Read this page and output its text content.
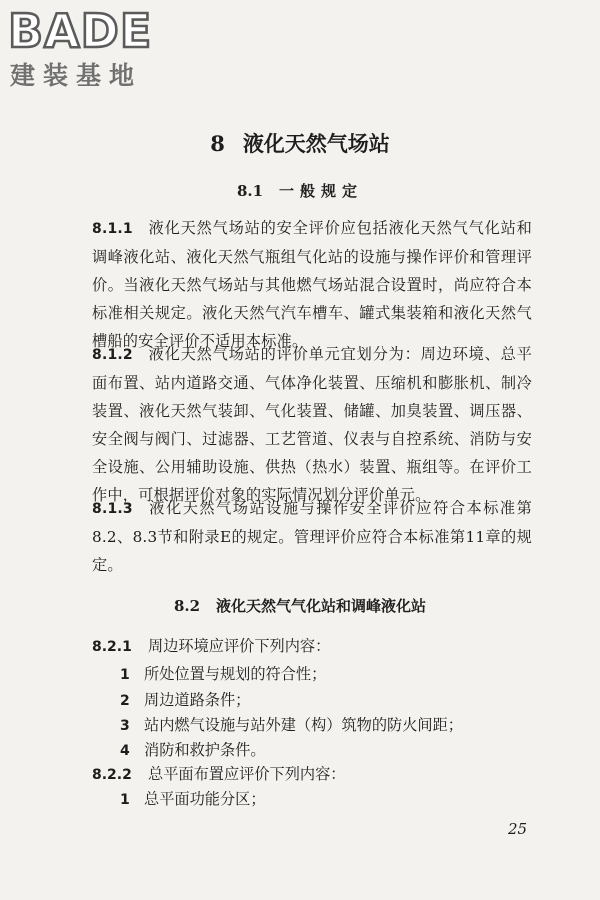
BADE
建装基地
8 液化天然气场站
8.1 一般规定
8.1.1 液化天然气场站的安全评价应包括液化天然气气化站和调峰液化站、液化天然气瓶组气化站的设施与操作评价和管理评价。当液化天然气场站与其他燃气场站混合设置时，尚应符合本标准相关规定。液化天然气汽车槽车、罐式集装箱和液化天然气槽船的安全评价不适用本标准。
8.1.2 液化天然气场站的评价单元宜划分为：周边环境、总平面布置、站内道路交通、气体净化装置、压缩机和膨胀机、制冷装置、液化天然气装卸、气化装置、储罐、加臭装置、调压器、安全阀与阀门、过滤器、工艺管道、仪表与自控系统、消防与安全设施、公用辅助设施、供热（热水）装置、瓶组等。在评价工作中，可根据评价对象的实际情况划分评价单元。
8.1.3 液化天然气场站设施与操作安全评价应符合本标准第8.2、8.3节和附录E的规定。管理评价应符合本标准第11章的规定。
8.2 液化天然气气化站和调峰液化站
8.2.1 周边环境应评价下列内容：
1 所处位置与规划的符合性；
2 周边道路条件；
3 站内燃气设施与站外建（构）筑物的防火间距；
4 消防和救护条件。
8.2.2 总平面布置应评价下列内容：
1 总平面功能分区；
25
